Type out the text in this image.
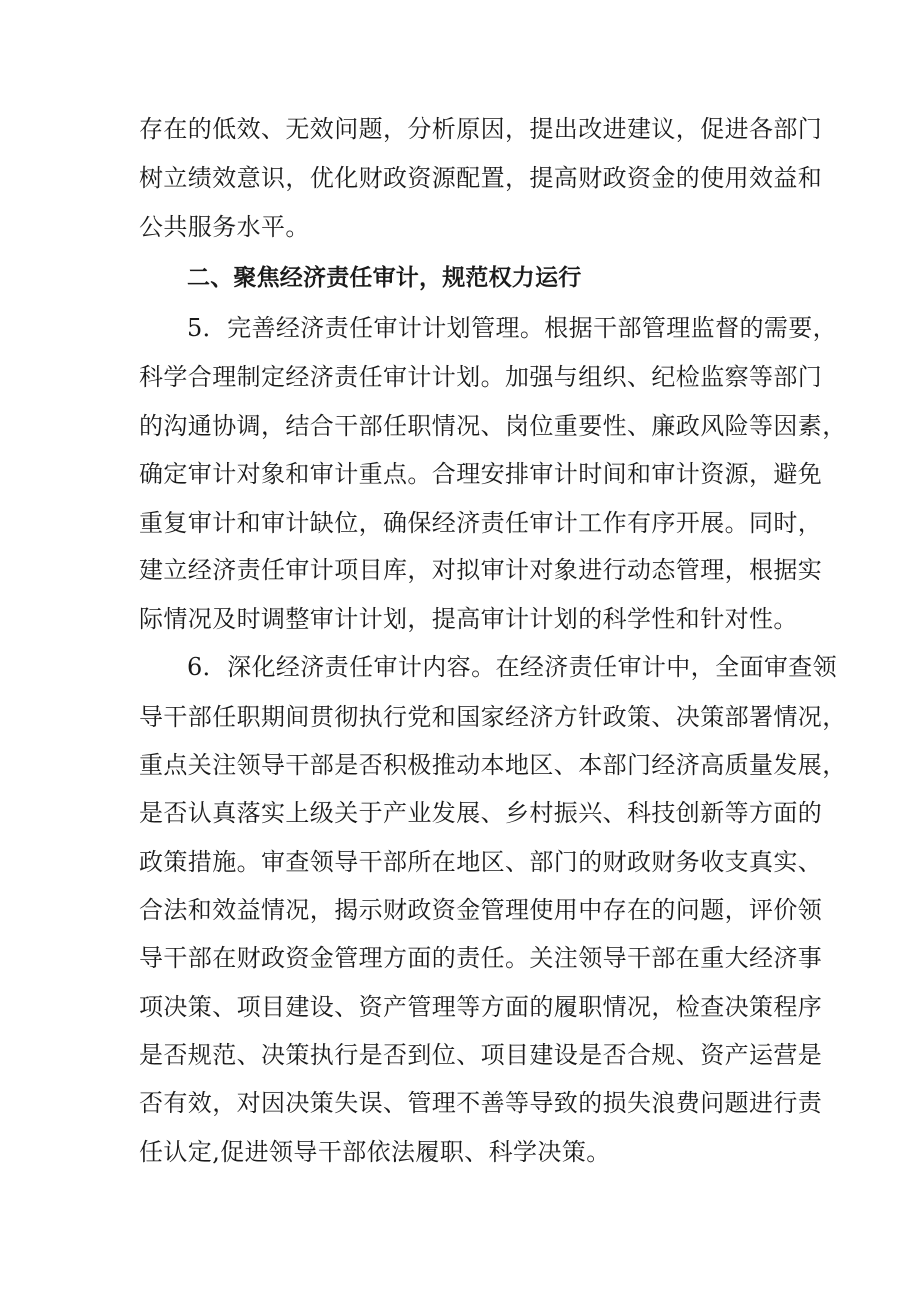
存在的低效、无效问题，分析原因，提出改进建议，促进各部门
树立绩效意识，优化财政资源配置，提高财政资金的使用效益和
公共服务水平。
二、聚焦经济责任审计，规范权力运行
5．完善经济责任审计计划管理。根据干部管理监督的需要，
科学合理制定经济责任审计计划。加强与组织、纪检监察等部门
的沟通协调，结合干部任职情况、岗位重要性、廉政风险等因素，
确定审计对象和审计重点。合理安排审计时间和审计资源，避免
重复审计和审计缺位，确保经济责任审计工作有序开展。同时，
建立经济责任审计项目库，对拟审计对象进行动态管理，根据实
际情况及时调整审计计划，提高审计计划的科学性和针对性。
6．深化经济责任审计内容。在经济责任审计中，全面审查领
导干部任职期间贯彻执行党和国家经济方针政策、决策部署情况，
重点关注领导干部是否积极推动本地区、本部门经济高质量发展，
是否认真落实上级关于产业发展、乡村振兴、科技创新等方面的
政策措施。审查领导干部所在地区、部门的财政财务收支真实、
合法和效益情况，揭示财政资金管理使用中存在的问题，评价领
导干部在财政资金管理方面的责任。关注领导干部在重大经济事
项决策、项目建设、资产管理等方面的履职情况，检查决策程序
是否规范、决策执行是否到位、项目建设是否合规、资产运营是
否有效，对因决策失误、管理不善等导致的损失浪费问题进行责
任认定,促进领导干部依法履职、科学决策。
